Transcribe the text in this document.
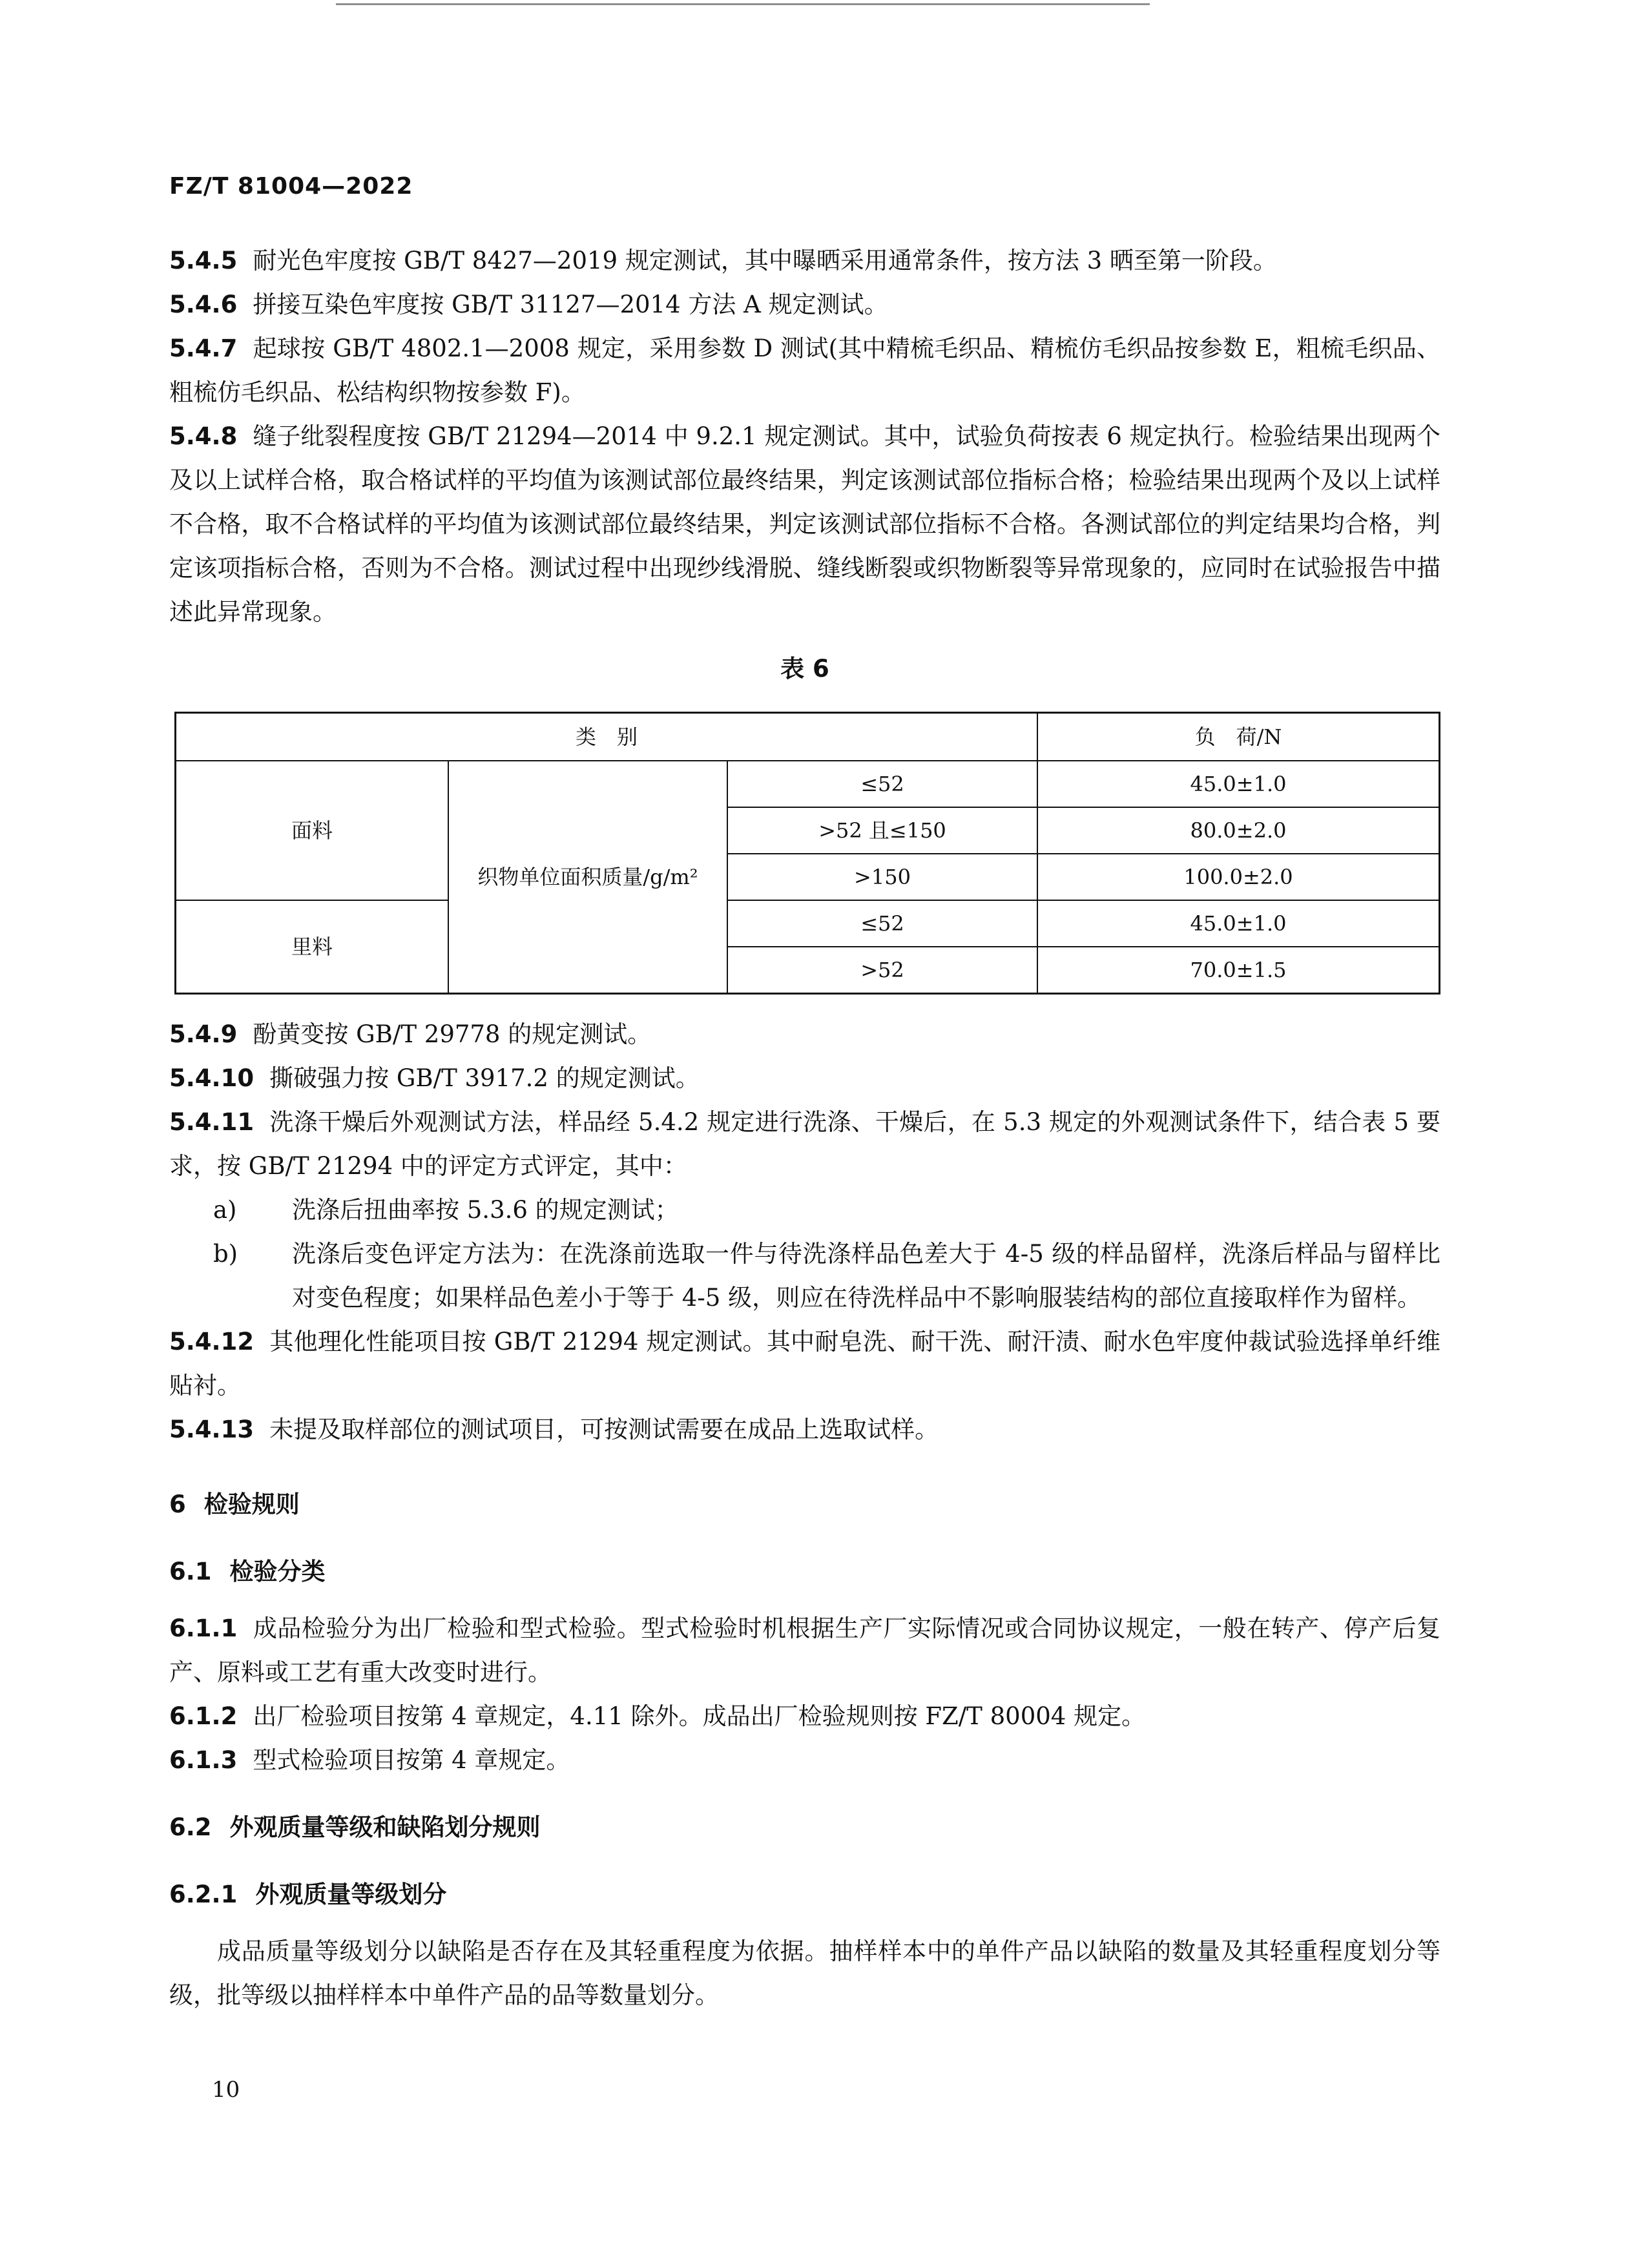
FZ/T 81004—2022

5.4.5 耐光色牢度按 GB/T 8427—2019 规定测试，其中曝晒采用通常条件，按方法 3 晒至第一阶段。

5.4.6 拼接互染色牢度按 GB/T 31127—2014 方法 A 规定测试。

5.4.7 起球按 GB/T 4802.1—2008 规定，采用参数 D 测试(其中精梳毛织品、精梳仿毛织品按参数 E，粗梳毛织品、粗梳仿毛织品、松结构织物按参数 F)。

5.4.8 缝子纰裂程度按 GB/T 21294—2014 中 9.2.1 规定测试。其中，试验负荷按表 6 规定执行。检验结果出现两个及以上试样合格，取合格试样的平均值为该测试部位最终结果，判定该测试部位指标合格；检验结果出现两个及以上试样不合格，取不合格试样的平均值为该测试部位最终结果，判定该测试部位指标不合格。各测试部位的判定结果均合格，判定该项指标合格，否则为不合格。测试过程中出现纱线滑脱、缝线断裂或织物断裂等异常现象的，应同时在试验报告中描述此异常现象。

表 6
类　别			负　荷/N
面料	织物单位面积质量/g/m²	≤52	45.0±1.0
		>52 且≤150	80.0±2.0
		>150	100.0±2.0
里料		≤52	45.0±1.0
		>52	70.0±1.5

5.4.9 酚黄变按 GB/T 29778 的规定测试。

5.4.10 撕破强力按 GB/T 3917.2 的规定测试。

5.4.11 洗涤干燥后外观测试方法，样品经 5.4.2 规定进行洗涤、干燥后，在 5.3 规定的外观测试条件下，结合表 5 要求，按 GB/T 21294 中的评定方式评定，其中：

a) 洗涤后扭曲率按 5.3.6 的规定测试；
b) 洗涤后变色评定方法为：在洗涤前选取一件与待洗涤样品色差大于 4-5 级的样品留样，洗涤后样品与留样比对变色程度；如果样品色差小于等于 4-5 级，则应在待洗样品中不影响服装结构的部位直接取样作为留样。

5.4.12 其他理化性能项目按 GB/T 21294 规定测试。其中耐皂洗、耐干洗、耐汗渍、耐水色牢度仲裁试验选择单纤维贴衬。

5.4.13 未提及取样部位的测试项目，可按测试需要在成品上选取试样。

6 检验规则
6.1 检验分类

6.1.1 成品检验分为出厂检验和型式检验。型式检验时机根据生产厂实际情况或合同协议规定，一般在转产、停产后复产、原料或工艺有重大改变时进行。

6.1.2 出厂检验项目按第 4 章规定，4.11 除外。成品出厂检验规则按 FZ/T 80004 规定。

6.1.3 型式检验项目按第 4 章规定。

6.2 外观质量等级和缺陷划分规则
6.2.1 外观质量等级划分

成品质量等级划分以缺陷是否存在及其轻重程度为依据。抽样样本中的单件产品以缺陷的数量及其轻重程度划分等级，批等级以抽样样本中单件产品的品等数量划分。

10
